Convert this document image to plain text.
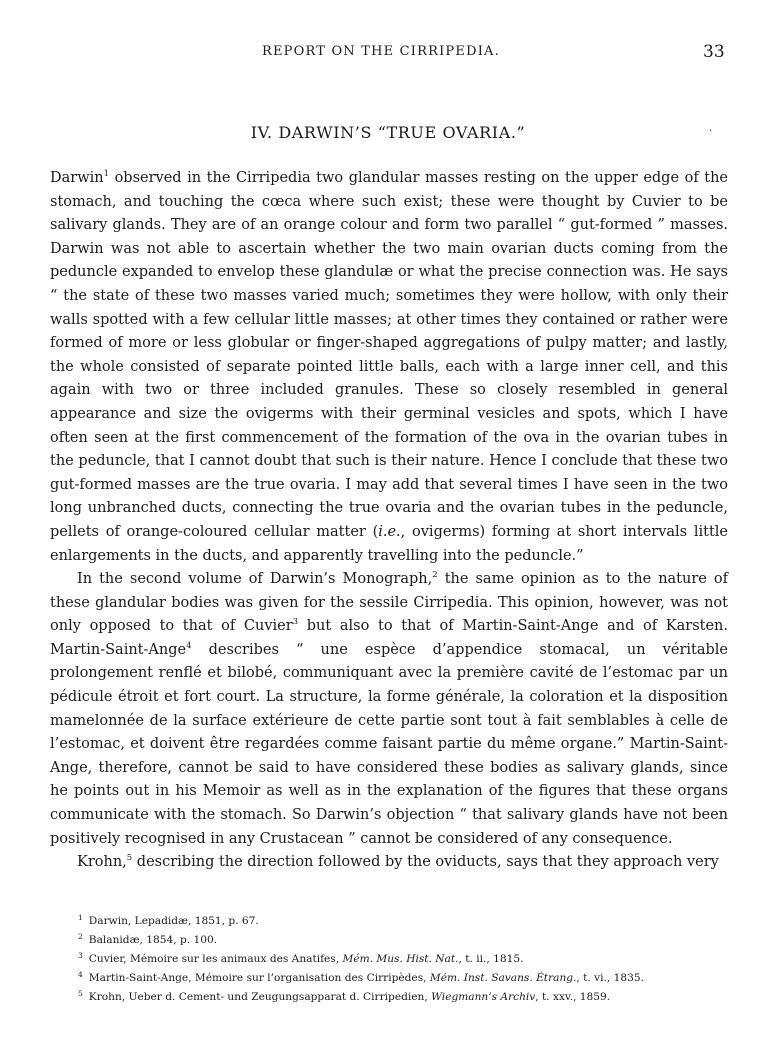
REPORT ON THE CIRRIPEDIA.	33
IV. DARWIN’S “TRUE OVARIA.”	·

Darwin$^1$ observed in the Cirripedia two glandular masses resting on the upper edge of the stomach, and touching the cœca where such exist; these were thought by Cuvier to be salivary glands. They are of an orange colour and form two parallel “ gut-formed ” masses. Darwin was not able to ascertain whether the two main ovarian ducts coming from the peduncle expanded to envelop these glandulæ or what the precise connection was. He says “ the state of these two masses varied much; sometimes they were hollow, with only their walls spotted with a few cellular little masses; at other times they contained or rather were formed of more or less globular or finger-shaped aggregations of pulpy matter; and lastly, the whole consisted of separate pointed little balls, each with a large inner cell, and this again with two or three included granules. These so closely resembled in general appearance and size the ovigerms with their germinal vesicles and spots, which I have often seen at the first commencement of the formation of the ova in the ovarian tubes in the peduncle, that I cannot doubt that such is their nature. Hence I conclude that these two gut-formed masses are the true ovaria. I may add that several times I have seen in the two long unbranched ducts, connecting the true ovaria and the ovarian tubes in the peduncle, pellets of orange-coloured cellular matter (i.e., ovigerms) forming at short intervals little enlargements in the ducts, and apparently travelling into the peduncle.”

In the second volume of Darwin’s Monograph,$^2$ the same opinion as to the nature of these glandular bodies was given for the sessile Cirripedia. This opinion, however, was not only opposed to that of Cuvier$^3$ but also to that of Martin-Saint-Ange and of Karsten. Martin-Saint-Ange$^4$ describes “ une espèce d’appendice stomacal, un véritable prolongement renflé et bilobé, communiquant avec la première cavité de l’estomac par un pédicule étroit et fort court. La structure, la forme générale, la coloration et la disposition mamelonnée de la surface extérieure de cette partie sont tout à fait semblables à celle de l’estomac, et doivent être regardées comme faisant partie du même organe.” Martin-Saint-Ange, therefore, cannot be said to have considered these bodies as salivary glands, since he points out in his Memoir as well as in the explanation of the figures that these organs communicate with the stomach. So Darwin’s objection “ that salivary glands have not been positively recognised in any Crustacean ” cannot be considered of any consequence.

Krohn,$^5$ describing the direction followed by the oviducts, says that they approach very

$^1$ Darwin, Lepadidæ, 1851, p. 67.

$^2$ Balanidæ, 1854, p. 100.

$^3$ Cuvier, Mémoire sur les animaux des Anatifes, Mém. Mus. Hist. Nat., t. ii., 1815.

$^4$ Martin-Saint-Ange, Mémoire sur l’organisation des Cirripèdes, Mém. Inst. Savans. Étrang., t. vi., 1835.

$^5$ Krohn, Ueber d. Cement- und Zeugungsapparat d. Cirripedien, Wiegmann’s Archiv, t. xxv., 1859.
